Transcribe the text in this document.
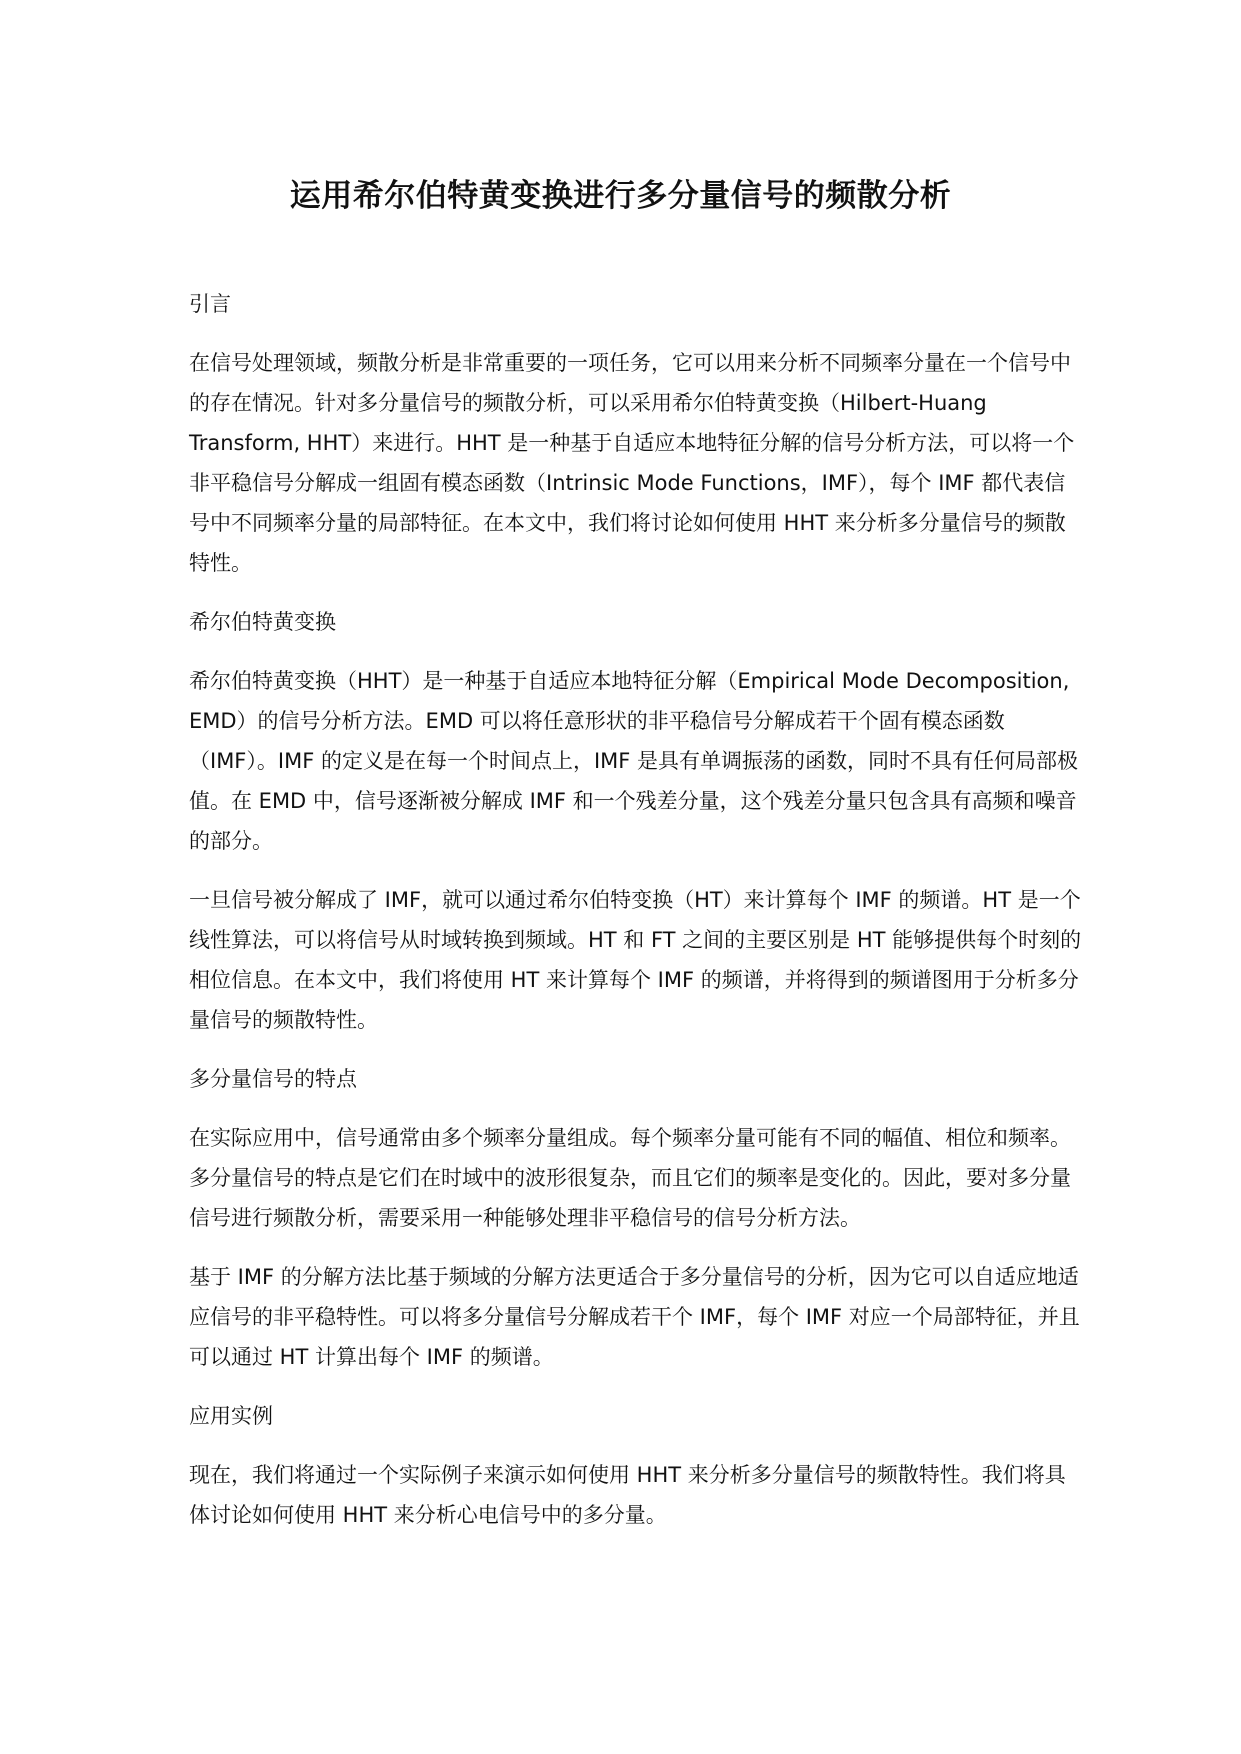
运用希尔伯特黄变换进行多分量信号的频散分析
引言

在信号处理领域，频散分析是非常重要的一项任务，它可以用来分析不同频率分量在一个信号中的存在情况。针对多分量信号的频散分析，可以采用希尔伯特黄变换（Hilbert-Huang Transform, HHT）来进行。HHT 是一种基于自适应本地特征分解的信号分析方法，可以将一个非平稳信号分解成一组固有模态函数（Intrinsic Mode Functions，IMF），每个 IMF 都代表信号中不同频率分量的局部特征。在本文中，我们将讨论如何使用 HHT 来分析多分量信号的频散特性。

希尔伯特黄变换

希尔伯特黄变换（HHT）是一种基于自适应本地特征分解（Empirical Mode Decomposition, EMD）的信号分析方法。EMD 可以将任意形状的非平稳信号分解成若干个固有模态函数（IMF）。IMF 的定义是在每一个时间点上，IMF 是具有单调振荡的函数，同时不具有任何局部极值。在 EMD 中，信号逐渐被分解成 IMF 和一个残差分量，这个残差分量只包含具有高频和噪音的部分。

一旦信号被分解成了 IMF，就可以通过希尔伯特变换（HT）来计算每个 IMF 的频谱。HT 是一个线性算法，可以将信号从时域转换到频域。HT 和 FT 之间的主要区别是 HT 能够提供每个时刻的相位信息。在本文中，我们将使用 HT 来计算每个 IMF 的频谱，并将得到的频谱图用于分析多分量信号的频散特性。

多分量信号的特点

在实际应用中，信号通常由多个频率分量组成。每个频率分量可能有不同的幅值、相位和频率。多分量信号的特点是它们在时域中的波形很复杂，而且它们的频率是变化的。因此，要对多分量信号进行频散分析，需要采用一种能够处理非平稳信号的信号分析方法。

基于 IMF 的分解方法比基于频域的分解方法更适合于多分量信号的分析，因为它可以自适应地适应信号的非平稳特性。可以将多分量信号分解成若干个 IMF，每个 IMF 对应一个局部特征，并且可以通过 HT 计算出每个 IMF 的频谱。

应用实例

现在，我们将通过一个实际例子来演示如何使用 HHT 来分析多分量信号的频散特性。我们将具体讨论如何使用 HHT 来分析心电信号中的多分量。
